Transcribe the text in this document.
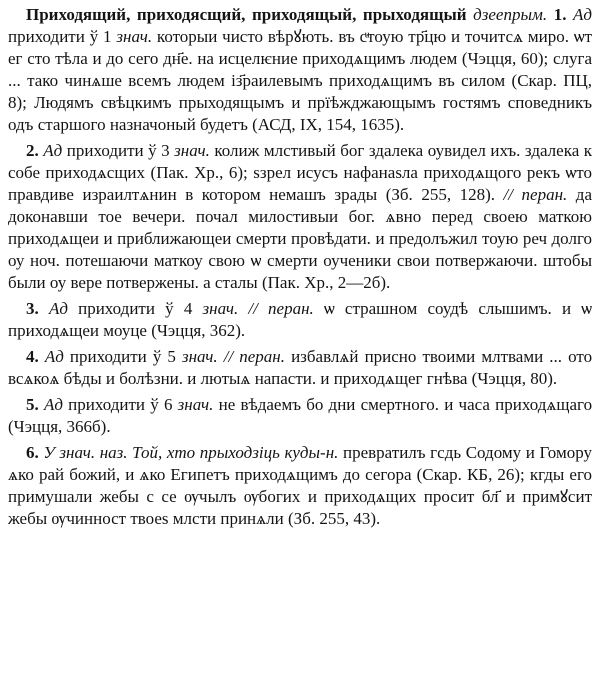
Приходящий, приходясщий, приходящый, прыходящый дзеепрым. 1. Ад приходити ў 1 знач. которыи чисто вѣрꙋють. въ сͧтоую тр҃цю и точитсѧ миро. ѡт ег сто тѣла и до сего дн҃е. на исцелѥние приходѧщимъ людем (Чэцця, 60); слуга ... тако чинѧше всемъ людем із҃раилевымъ приходѧщимъ въ силом (Скар. ПЦ, 8); Людямъ свѣцкимъ прыходящымъ и прїѣжджающымъ гостямъ споведникъ одъ старшого назначоный будетъ (АСД, IX, 154, 1635).

2. Ад приходити ў 3 знач. колиж млстивый бог здалека оувидел ихъ. здалека к собе приходѧсщих (Пак. Хр., 6); ѕзрел исусъ нафанаѕла приходѧщого рекъ ѡто правдиве израилтѧнин в котором немашъ зрады (Зб. 255, 128). // перан. да доконавши тое вечери. почал милостивыи бог. ѧвно перед своею маткою приходѧщеи и приближающеи смерти провѣдати. и предолъжил тоую реч долго оу ноч. потешаючи маткоу свою ѡ смерти оученики свои потвержаючи. штобы были оу вере потвержены. а сталы (Пак. Хр., 2—2б).

3. Ад приходити ў 4 знач. // перан. ѡ страшном соудѣ слышимъ. и ѡ приходѧщеи моуце (Чэцця, 362).

4. Ад приходити ў 5 знач. // перан. избавлѧй присно твоими млтвами ... ото всѧкоѧ бѣды и болѣзни. и лютыѧ напасти. и приходѧщег гнѣва (Чэцця, 80).

5. Ад приходити ў 6 знач. не вѣдаемъ бо дни смертного. и часа приходѧщаго (Чэцця, 366б).

6. У знач. наз. Той, хто прыходзіць куды-н. превратилъ гсдь Содому и Гомору ѧко рай божий, и ѧко Египетъ приходѧщимъ до сегора (Скар. КБ, 26); кгды его примушали жебы с се ѹчылъ ѹбогих и приходѧщих просит бл҃ и примꙋсит жебы ѹчинност твоеѕ млсти принѧли (Зб. 255, 43).
